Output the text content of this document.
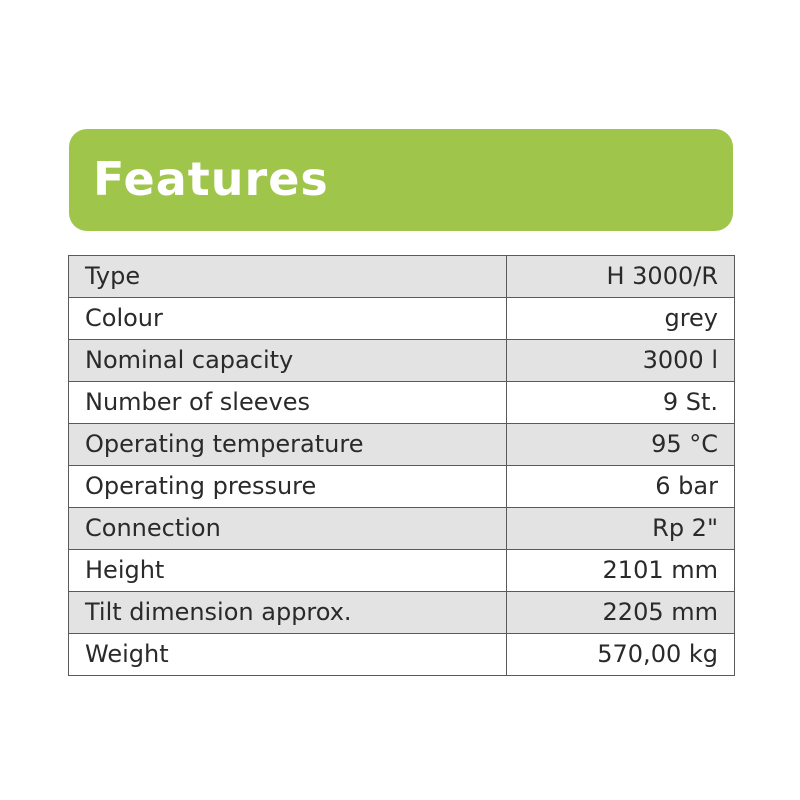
Features
Type	H 3000/R
Colour	grey
Nominal capacity	3000 l
Number of sleeves	9 St.
Operating temperature	95 °C
Operating pressure	6 bar
Connection	Rp 2"
Height	2101 mm
Tilt dimension approx.	2205 mm
Weight	570,00 kg
